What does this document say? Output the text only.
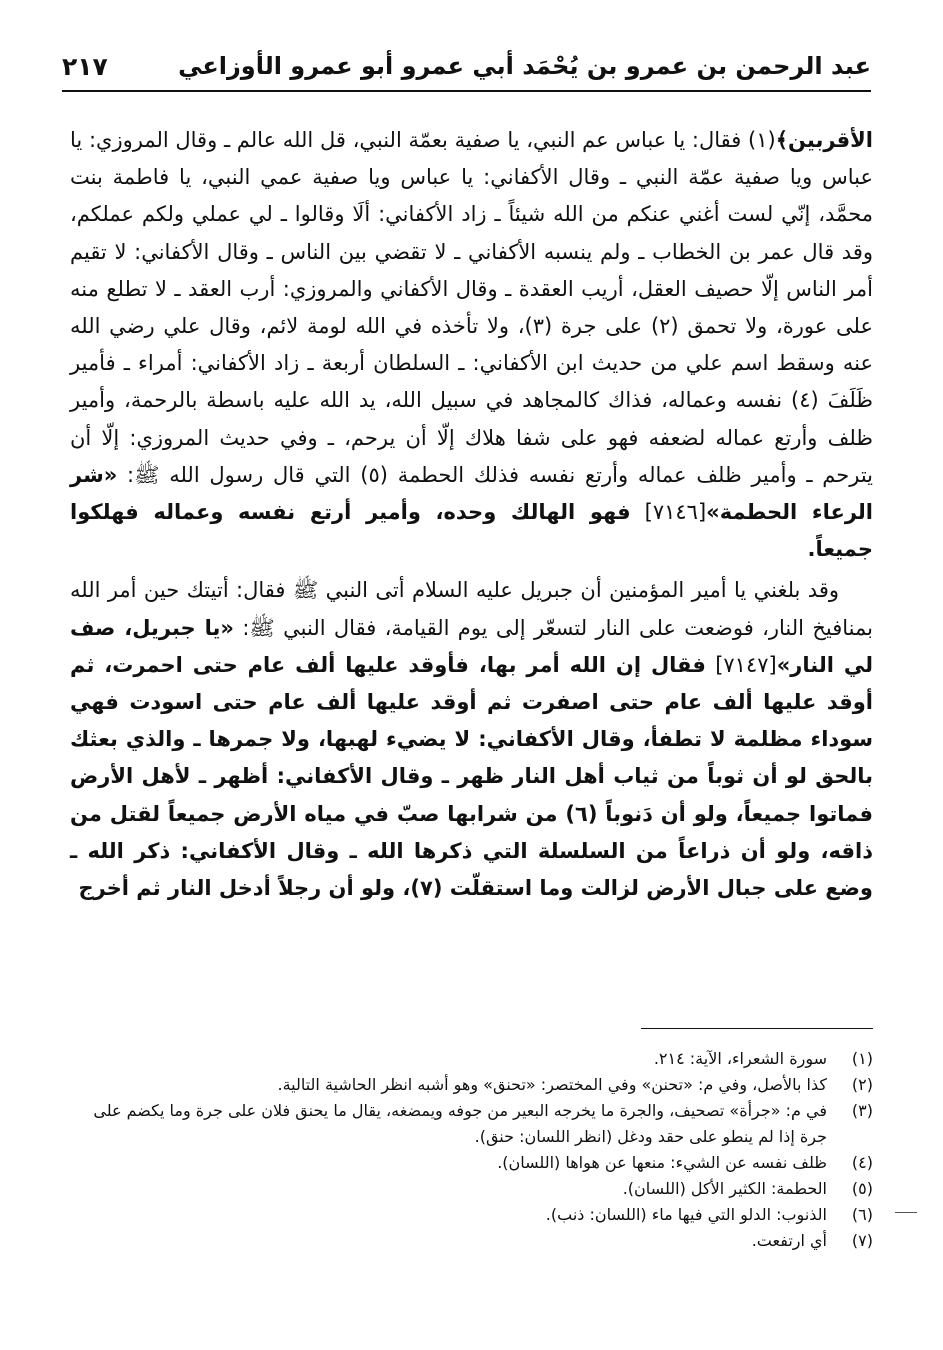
عبد الرحمن بن عمرو بن يُحْمَد أبي عمرو أبو عمرو الأوزاعي
٢١٧

الأقربين﴾(١) فقال: يا عباس عم النبي، يا صفية بعمّة النبي، قل الله عالم ـ وقال المروزي: يا عباس ويا صفية عمّة النبي ـ وقال الأكفاني: يا عباس ويا صفية عمي النبي، يا فاطمة بنت محمَّد، إنّي لست أغني عنكم من الله شيئاً ـ زاد الأكفاني: ألَا وقالوا ـ لي عملي ولكم عملكم، وقد قال عمر بن الخطاب ـ ولم ينسبه الأكفاني ـ لا تقضي بين الناس ـ وقال الأكفاني: لا تقيم أمر الناس إلّا حصيف العقل، أريب العقدة ـ وقال الأكفاني والمروزي: أرب العقد ـ لا تطلع منه على عورة، ولا تحمق (٢) على جرة (٣)، ولا تأخذه في الله لومة لائم، وقال علي رضي الله عنه وسقط اسم علي من حديث ابن الأكفاني: ـ السلطان أربعة ـ زاد الأكفاني: أمراء ـ فأمير ظَلَفَ (٤) نفسه وعماله، فذاك كالمجاهد في سبيل الله، يد الله عليه باسطة بالرحمة، وأمير ظلف وأرتع عماله لضعفه فهو على شفا هلاك إلّا أن يرحم، ـ وفي حديث المروزي: إلّا أن يترحم ـ وأمير ظلف عماله وأرتع نفسه فذلك الحطمة (٥) التي قال رسول الله ﷺ: «شر الرعاء الحطمة»[٧١٤٦] فهو الهالك وحده، وأمير أرتع نفسه وعماله فهلكوا جميعاً.

وقد بلغني يا أمير المؤمنين أن جبريل عليه السلام أتى النبي ﷺ فقال: أتيتك حين أمر الله بمنافيخ النار، فوضعت على النار لتسعّر إلى يوم القيامة، فقال النبي ﷺ: «يا جبريل، صف لي النار»[٧١٤٧] فقال إن الله أمر بها، فأوقد عليها ألف عام حتى احمرت، ثم أوقد عليها ألف عام حتى اصفرت ثم أوقد عليها ألف عام حتى اسودت فهي سوداء مظلمة لا تطفأ، وقال الأكفاني: لا يضيء لهبها، ولا جمرها ـ والذي بعثك بالحق لو أن ثوباً من ثياب أهل النار ظهر ـ وقال الأكفاني: أظهر ـ لأهل الأرض فماتوا جميعاً، ولو أن دَنوباً (٦) من شرابها صبّ في مياه الأرض جميعاً لقتل من ذاقه، ولو أن ذراعاً من السلسلة التي ذكرها الله ـ وقال الأكفاني: ذكر الله ـ وضع على جبال الأرض لزالت وما استقلّت (٧)، ولو أن رجلاً أدخل النار ثم أخرج

(١)
سورة الشعراء، الآية: ٢١٤.
(٢)
كذا بالأصل، وفي م: «تحنن» وفي المختصر: «تحنق» وهو أشبه انظر الحاشية التالية.
(٣)
في م: «جرأة» تصحيف، والجرة ما يخرجه البعير من جوفه ويمضغه، يقال ما يحنق فلان على جرة وما يكضم على جرة إذا لم ينطو على حقد ودغل (انظر اللسان: حنق).
(٤)
ظلف نفسه عن الشيء: منعها عن هواها (اللسان).
(٥)
الحطمة: الكثير الأكل (اللسان).
(٦)
الذنوب: الدلو التي فيها ماء (اللسان: ذنب).
(٧)
أي ارتفعت.
